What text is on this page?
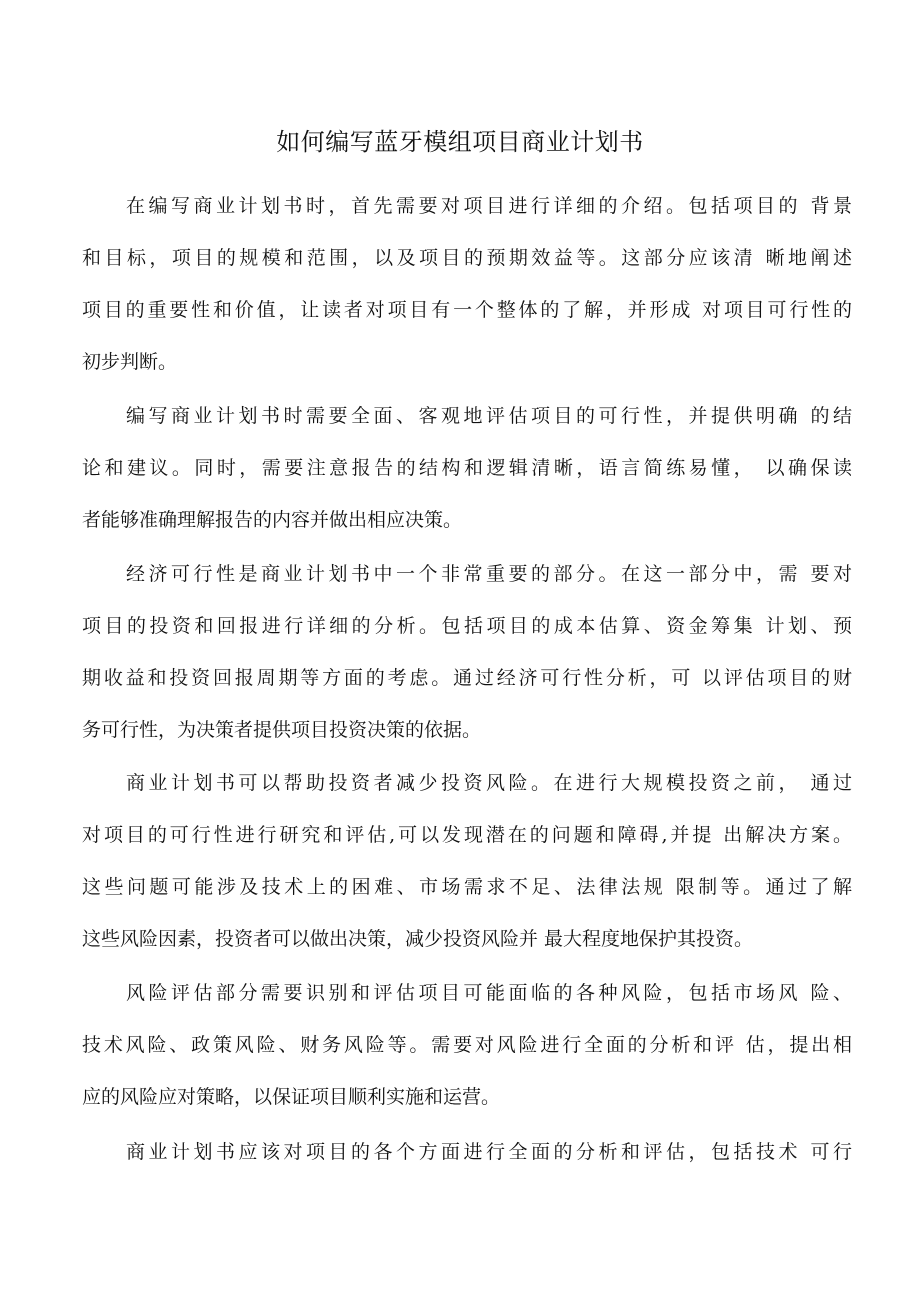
如何编写蓝牙模组项目商业计划书
在编写商业计划书时，首先需要对项目进行详细的介绍。包括项目的 背景
和目标，项目的规模和范围，以及项目的预期效益等。这部分应该清 晰地阐述
项目的重要性和价值，让读者对项目有一个整体的了解，并形成 对项目可行性的
初步判断。
编写商业计划书时需要全面、客观地评估项目的可行性，并提供明确 的结
论和建议。同时，需要注意报告的结构和逻辑清晰，语言简练易懂， 以确保读
者能够准确理解报告的内容并做出相应决策。
经济可行性是商业计划书中一个非常重要的部分。在这一部分中，需 要对
项目的投资和回报进行详细的分析。包括项目的成本估算、资金筹集 计划、预
期收益和投资回报周期等方面的考虑。通过经济可行性分析，可 以评估项目的财
务可行性，为决策者提供项目投资决策的依据。
商业计划书可以帮助投资者减少投资风险。在进行大规模投资之前， 通过
对项目的可行性进行研究和评估,可以发现潜在的问题和障碍,并提 出解决方案。
这些问题可能涉及技术上的困难、市场需求不足、法律法规 限制等。通过了解
这些风险因素，投资者可以做出决策，减少投资风险并 最大程度地保护其投资。
风险评估部分需要识别和评估项目可能面临的各种风险，包括市场风 险、
技术风险、政策风险、财务风险等。需要对风险进行全面的分析和评 估，提出相
应的风险应对策略，以保证项目顺利实施和运营。
商业计划书应该对项目的各个方面进行全面的分析和评估，包括技术 可行
